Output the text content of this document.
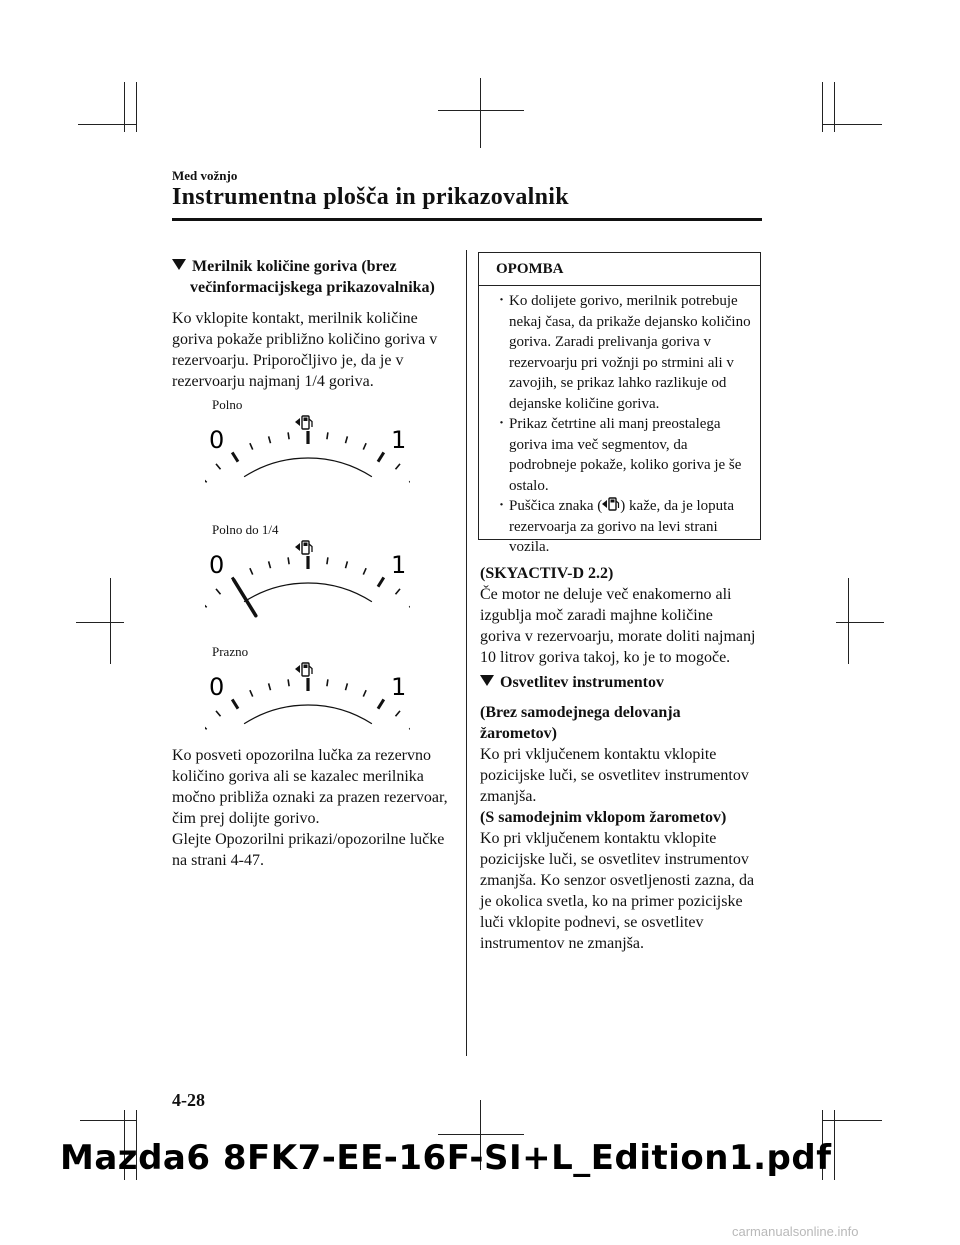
Med vožnjo
Instrumentna plošča in prikazovalnik
Merilnik količine goriva (brez
večinformacijskega prikazovalnika)
Ko vklopite kontakt, merilnik količine
goriva pokaže približno količino goriva v
rezervoarju. Priporočljivo je, da je v
rezervoarju najmanj 1/4 goriva.
Polno
0	1
Polno do 1/4
0	1
Prazno
0	1
Ko posveti opozorilna lučka za rezervno
količino goriva ali se kazalec merilnika
močno približa oznaki za prazen rezervoar,
čim prej dolijte gorivo.
Glejte Opozorilni prikazi/opozorilne lučke
na strani 4-47.
OPOMBA
· Ko dolijete gorivo, merilnik potrebuje nekaj časa, da prikaže dejansko količino goriva. Zaradi prelivanja goriva v rezervoarju pri vožnji po strmini ali v zavojih, se prikaz lahko razlikuje od dejanske količine goriva.
· Prikaz četrtine ali manj preostalega goriva ima več segmentov, da podrobneje pokaže, koliko goriva je še ostalo.
· Puščica znaka ( ) kaže, da je loputa rezervoarja za gorivo na levi strani vozila.
(SKYACTIV-D 2.2)
Če motor ne deluje več enakomerno ali
izgublja moč zaradi majhne količine
goriva v rezervoarju, morate doliti najmanj
10 litrov goriva takoj, ko je to mogoče.
Osvetlitev instrumentov
(Brez samodejnega delovanja
žarometov)
Ko pri vključenem kontaktu vklopite
pozicijske luči, se osvetlitev instrumentov
zmanjša.
(S samodejnim vklopom žarometov)
Ko pri vključenem kontaktu vklopite
pozicijske luči, se osvetlitev instrumentov
zmanjša. Ko senzor osvetljenosti zazna, da
je okolica svetla, ko na primer pozicijske
luči vklopite podnevi, se osvetlitev
instrumentov ne zmanjša.
4-28
Mazda6 8FK7-EE-16F-SI+L_Edition1.pdf
carmanualsonline.info
